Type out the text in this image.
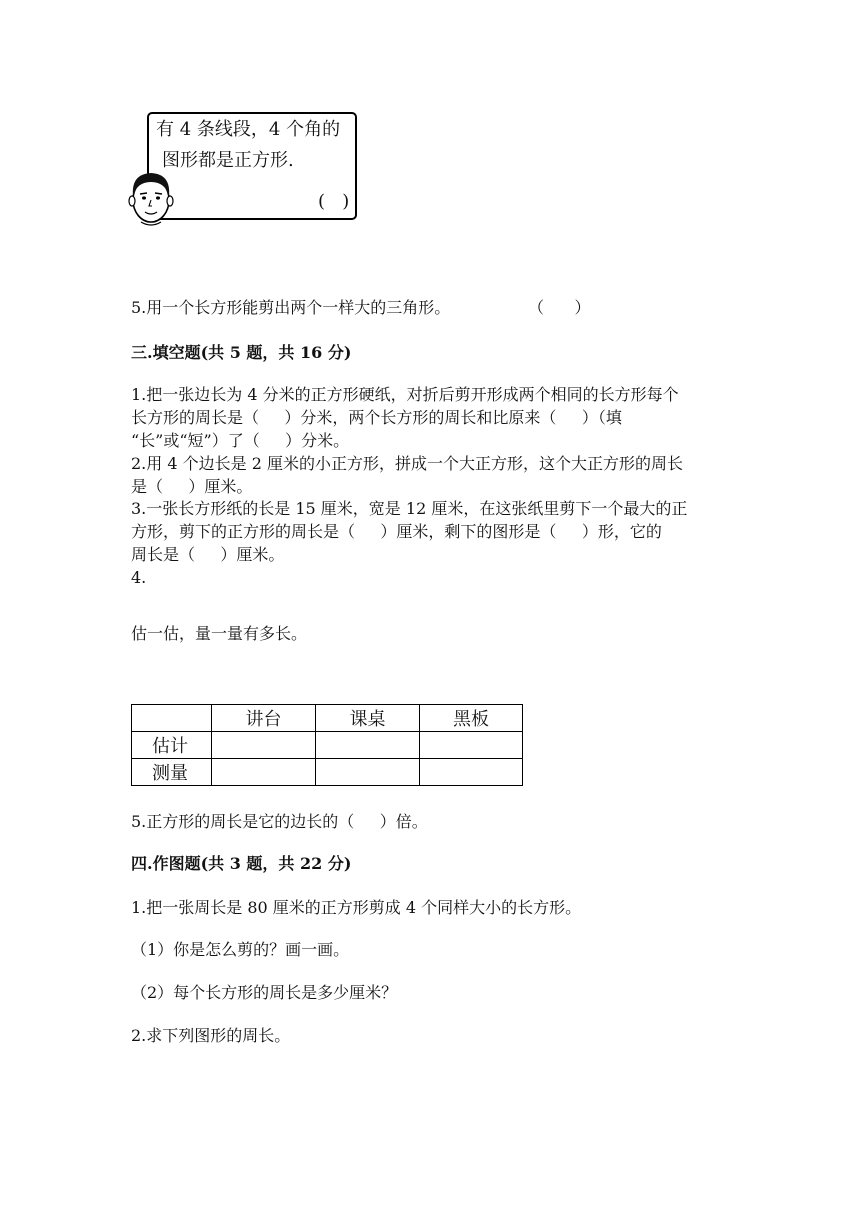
有 4 条线段，4 个角的
图形都是正方形.
(   )
5.用一个长方形能剪出两个一样大的三角形。	（      ）
三.填空题(共 5 题，共 16 分)
1.把一张边长为 4 分米的正方形硬纸，对折后剪开形成两个相同的长方形每个
长方形的周长是（     ）分米，两个长方形的周长和比原来（     ）（填
“长”或“短”）了（     ）分米。
2.用 4 个边长是 2 厘米的小正方形，拼成一个大正方形，这个大正方形的周长
是（     ）厘米。
3.一张长方形纸的长是 15 厘米，宽是 12 厘米，在这张纸里剪下一个最大的正
方形，剪下的正方形的周长是（     ）厘米，剩下的图形是（     ）形，它的
周长是（     ）厘米。
4.
估一估，量一量有多长。
	讲台	课桌	黑板
估计			
测量			
5.正方形的周长是它的边长的（     ）倍。
四.作图题(共 3 题，共 22 分)
1.把一张周长是 80 厘米的正方形剪成 4 个同样大小的长方形。
（1）你是怎么剪的？画一画。
（2）每个长方形的周长是多少厘米？
2.求下列图形的周长。
